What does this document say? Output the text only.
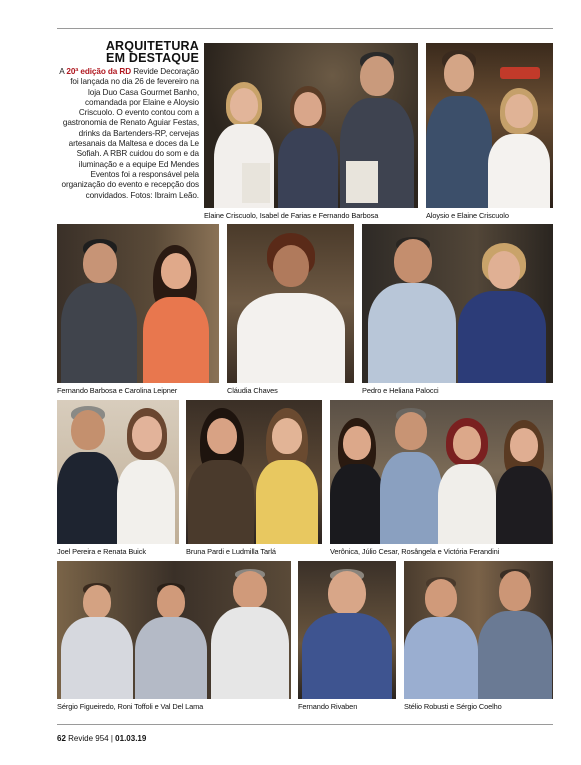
ARQUITETURA
EM DESTAQUE

A 20ª edição da RD Revide Decoração foi lançada no dia 26 de fevereiro na loja Duo Casa Gourmet Banho, comandada por Elaine e Aloysio Criscuolo. O evento contou com a gastronomia de Renato Aguiar Festas, drinks da Bartenders-RP, cervejas artesanais da Maltesa e doces da Le Sofiah. A RBR cuidou do som e da iluminação e a equipe Ed Mendes Eventos foi a responsável pela organização do evento e recepção dos convidados. Fotos: Ibraim Leão.

Elaine Criscuolo, Isabel de Farias e Fernando Barbosa	Aloysio e Elaine Criscuolo
Fernando Barbosa e Carolina Leipner	Cláudia Chaves	Pedro e Heliana Palocci
Joel Pereira e Renata Buick	Bruna Pardi e Ludmilla Tarlá	Verônica, Júlio Cesar, Rosângela e Victória Ferandini
Sérgio Figueiredo, Roni Toffoli e Val Del Lama	Fernando Rivaben	Stélio Robusti e Sérgio Coelho
62 Revide 954 | 01.03.19
